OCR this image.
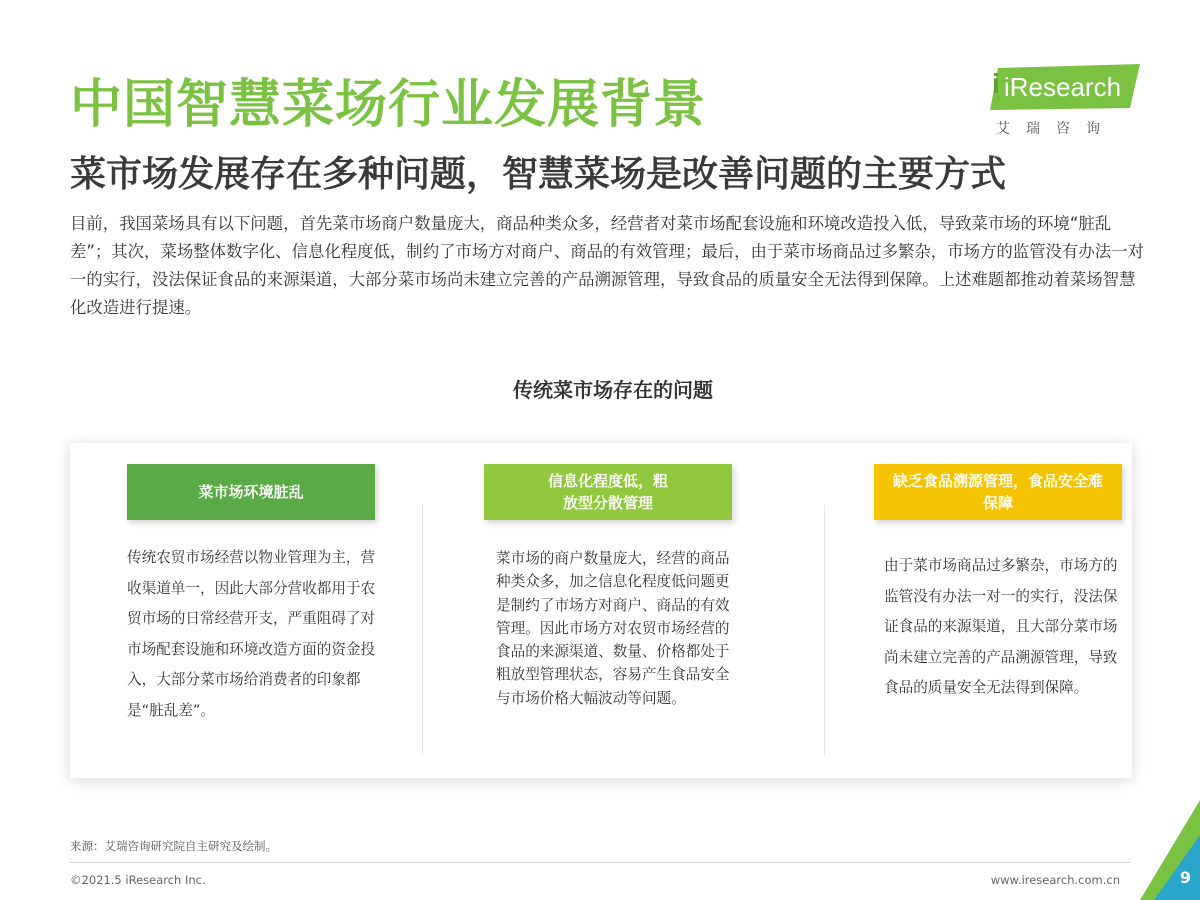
中国智慧菜场行业发展背景
菜市场发展存在多种问题，智慧菜场是改善问题的主要方式
i iResearch
艾瑞咨询

目前，我国菜场具有以下问题，首先菜市场商户数量庞大，商品种类众多，经营者对菜市场配套设施和环境改造投入低，导致菜市场的环境“脏乱差”；其次，菜场整体数字化、信息化程度低，制约了市场方对商户、商品的有效管理；最后，由于菜市场商品过多繁杂，市场方的监管没有办法一对一的实行，没法保证食品的来源渠道，大部分菜市场尚未建立完善的产品溯源管理，导致食品的质量安全无法得到保障。上述难题都推动着菜场智慧化改造进行提速。

传统菜市场存在的问题
菜市场环境脏乱
信息化程度低，粗放型分散管理
缺乏食品溯源管理，食品安全难保障

传统农贸市场经营以物业管理为主，营收渠道单一，因此大部分营收都用于农贸市场的日常经营开支，严重阻碍了对市场配套设施和环境改造方面的资金投入，大部分菜市场给消费者的印象都是“脏乱差”。

菜市场的商户数量庞大，经营的商品种类众多，加之信息化程度低问题更是制约了市场方对商户、商品的有效管理。因此市场方对农贸市场经营的食品的来源渠道、数量、价格都处于粗放型管理状态，容易产生食品安全与市场价格大幅波动等问题。

由于菜市场商品过多繁杂，市场方的监管没有办法一对一的实行，没法保证食品的来源渠道，且大部分菜市场尚未建立完善的产品溯源管理，导致食品的质量安全无法得到保障。

来源：艾瑞咨询研究院自主研究及绘制。
©2021.5 iResearch Inc.	www.iresearch.com.cn	9
